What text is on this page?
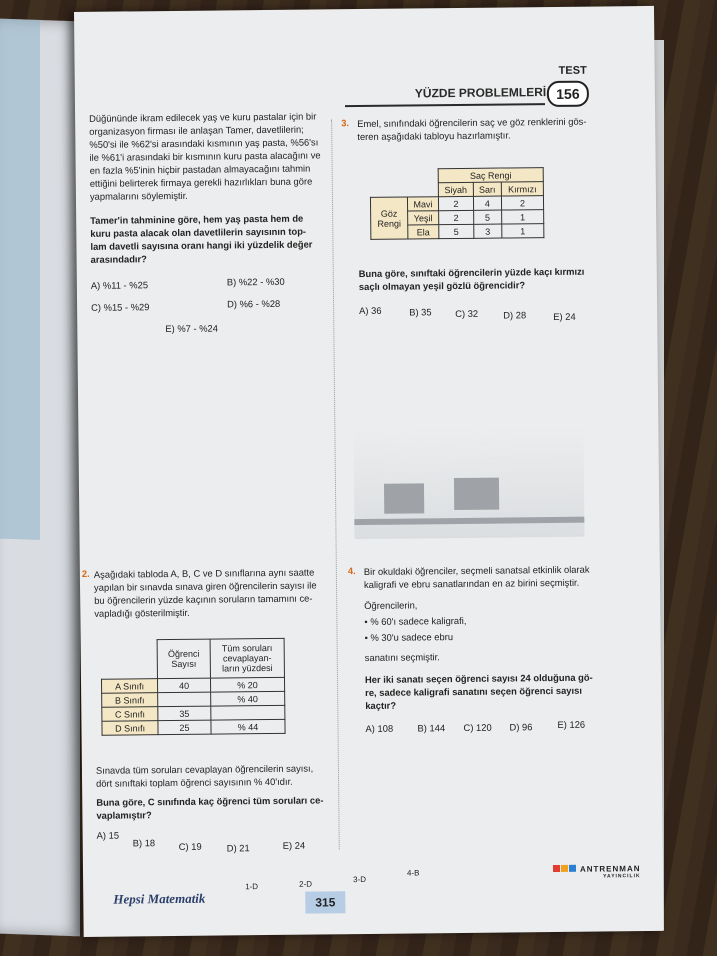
TEST
156
YÜZDE PROBLEMLERİ
Düğününde ikram edilecek yaş ve kuru pastalar için bir
organizasyon firması ile anlaşan Tamer, davetlilerin;
%50'si ile %62'si arasındaki kısmının yaş pasta, %56'sı
ile %61'i arasındaki bir kısmının kuru pasta alacağını ve
en fazla %5'inin hiçbir pastadan almayacağını tahmin
ettiğini belirterek firmaya gerekli hazırlıkları buna göre
yapmalarını söylemiştir.
Tamer'in tahminine göre, hem yaş pasta hem de
kuru pasta alacak olan davetlilerin sayısının top-
lam davetli sayısına oranı hangi iki yüzdelik değer
arasındadır?
A) %11 - %25	B) %22 - %30
C) %15 - %29	D) %6 - %28
E) %7 - %24
2. Aşağıdaki tabloda A, B, C ve D sınıflarına aynı saatte
yapılan bir sınavda sınava giren öğrencilerin sayısı ile
bu öğrencilerin yüzde kaçının soruların tamamını ce-
vapladığı gösterilmiştir.
	Öğrenci Sayısı	Tüm soruları cevaplayan- ların yüzdesi
A Sınıfı	40	% 20
B Sınıfı		% 40
C Sınıfı	35	
D Sınıfı	25	% 44
Sınavda tüm soruları cevaplayan öğrencilerin sayısı,
dört sınıftaki toplam öğrenci sayısının % 40'ıdır.
Buna göre, C sınıfında kaç öğrenci tüm soruları ce-
vaplamıştır?
A) 15
B) 18	C) 19	D) 21	E) 24
3. Emel, sınıfındaki öğrencilerin saç ve göz renklerini gös-
teren aşağıdaki tabloyu hazırlamıştır.
		Saç Rengi		
		Siyah	Sarı	Kırmızı
Göz Rengi	Mavi	2	4	2
	Yeşil	2	5	1
	Ela	5	3	1
Buna göre, sınıftaki öğrencilerin yüzde kaçı kırmızı
saçlı olmayan yeşil gözlü öğrencidir?
A) 36	B) 35 C) 32	D) 28	E) 24
4. Bir okuldaki öğrenciler, seçmeli sanatsal etkinlik olarak
kaligrafi ve ebru sanatlarından en az birini seçmiştir.
Öğrencilerin,
• % 60'ı sadece kaligrafi,
• % 30'u sadece ebru
sanatını seçmiştir.
Her iki sanatı seçen öğrenci sayısı 24 olduğuna gö-
re, sadece kaligrafi sanatını seçen öğrenci sayısı
kaçtır?
A) 108	B) 144 C) 120 D) 96	E) 126
1-D	2-D	3-D
4-B
Hepsi Matematik	315
ANTRENMAN
YAYINCILIK
